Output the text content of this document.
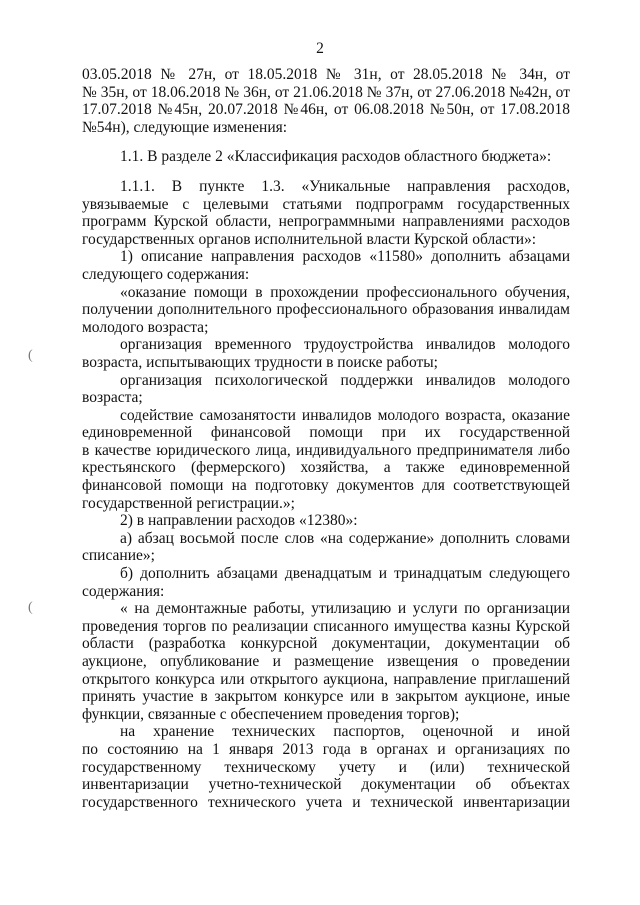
2
(
(
03.05.2018 № 27н, от 18.05.2018 № 31н, от 28.05.2018 № 34н, от
№ 35н, от 18.06.2018 № 36н, от 21.06.2018 № 37н, от 27.06.2018 №42н, от
17.07.2018 №45н, 20.07.2018 №46н, от 06.08.2018 №50н, от 17.08.2018
№54н), следующие изменения:
1.1. В разделе 2 «Классификация расходов областного бюджета»:
1.1.1. В пункте 1.3. «Уникальные направления расходов,
увязываемые с целевыми статьями подпрограмм государственных
программ Курской области, непрограммными направлениями расходов
государственных органов исполнительной власти Курской области»:
1) описание направления расходов «11580» дополнить абзацами
следующего содержания:
«оказание помощи в прохождении профессионального обучения,
получении дополнительного профессионального образования инвалидам
молодого возраста;
организация временного трудоустройства инвалидов молодого
возраста, испытывающих трудности в поиске работы;
организация психологической поддержки инвалидов молодого
возраста;
содействие самозанятости инвалидов молодого возраста, оказание
единовременной финансовой помощи при их государственной
в качестве юридического лица, индивидуального предпринимателя либо
крестьянского (фермерского) хозяйства, а также единовременной
финансовой помощи на подготовку документов для соответствующей
государственной регистрации.»;
2) в направлении расходов «12380»:
а) абзац восьмой после слов «на содержание» дополнить словами
списание»;
б) дополнить абзацами двенадцатым и тринадцатым следующего
содержания:
« на демонтажные работы, утилизацию и услуги по организации
проведения торгов по реализации списанного имущества казны Курской
области (разработка конкурсной документации, документации об
аукционе, опубликование и размещение извещения о проведении
открытого конкурса или открытого аукциона, направление приглашений
принять участие в закрытом конкурсе или в закрытом аукционе, иные
функции, связанные с обеспечением проведения торгов);
на хранение технических паспортов, оценочной и иной
по состоянию на 1 января 2013 года в органах и организациях по
государственному техническому учету и (или) технической
инвентаризации учетно-технической документации об объектах
государственного технического учета и технической инвентаризации
